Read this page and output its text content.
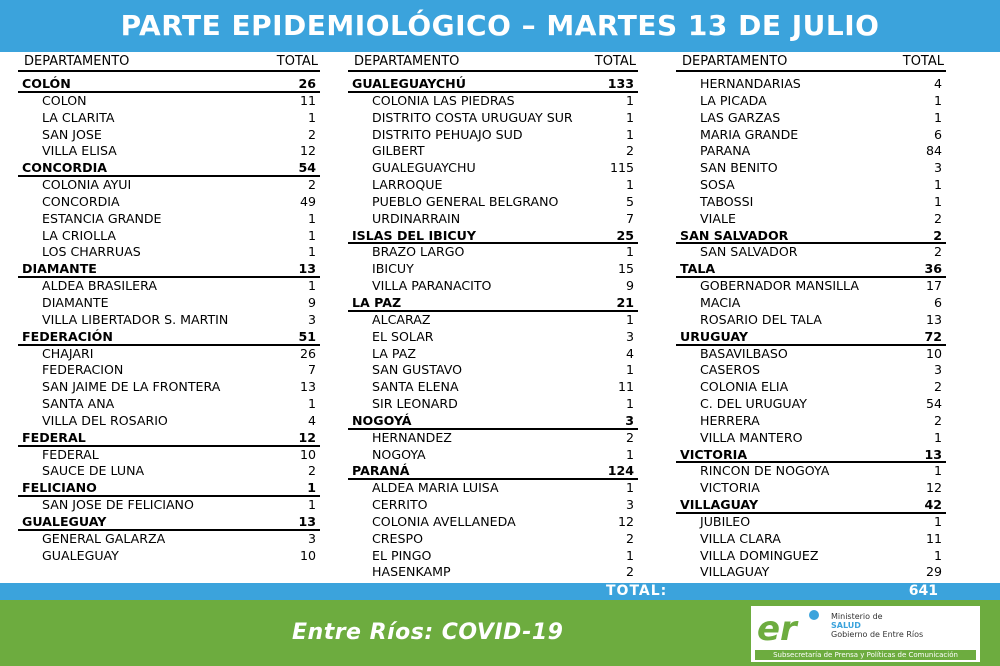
PARTE EPIDEMIOLÓGICO – MARTES 13 DE JULIO
DEPARTAMENTO	TOTAL
COLÓN	26
COLON	11
LA CLARITA	1
SAN JOSE	2
VILLA ELISA	12
CONCORDIA	54
COLONIA AYUI	2
CONCORDIA	49
ESTANCIA GRANDE	1
LA CRIOLLA	1
LOS CHARRUAS	1
DIAMANTE	13
ALDEA BRASILERA	1
DIAMANTE	9
VILLA LIBERTADOR S. MARTIN	3
FEDERACIÓN	51
CHAJARI	26
FEDERACION	7
SAN JAIME DE LA FRONTERA	13
SANTA ANA	1
VILLA DEL ROSARIO	4
FEDERAL	12
FEDERAL	10
SAUCE DE LUNA	2
FELICIANO	1
SAN JOSE DE FELICIANO	1
GUALEGUAY	13
GENERAL GALARZA	3
GUALEGUAY	10
DEPARTAMENTO	TOTAL
GUALEGUAYCHÚ	133
COLONIA LAS PIEDRAS	1
DISTRITO COSTA URUGUAY SUR	1
DISTRITO PEHUAJO SUD	1
GILBERT	2
GUALEGUAYCHU	115
LARROQUE	1
PUEBLO GENERAL BELGRANO	5
URDINARRAIN	7
ISLAS DEL IBICUY	25
BRAZO LARGO	1
IBICUY	15
VILLA PARANACITO	9
LA PAZ	21
ALCARAZ	1
EL SOLAR	3
LA PAZ	4
SAN GUSTAVO	1
SANTA ELENA	11
SIR LEONARD	1
NOGOYÁ	3
HERNANDEZ	2
NOGOYA	1
PARANÁ	124
ALDEA MARIA LUISA	1
CERRITO	3
COLONIA AVELLANEDA	12
CRESPO	2
EL PINGO	1
HASENKAMP	2
DEPARTAMENTO	TOTAL
HERNANDARIAS	4
LA PICADA	1
LAS GARZAS	1
MARIA GRANDE	6
PARANA	84
SAN BENITO	3
SOSA	1
TABOSSI	1
VIALE	2
SAN SALVADOR	2
SAN SALVADOR	2
TALA	36
GOBERNADOR MANSILLA	17
MACIA	6
ROSARIO DEL TALA	13
URUGUAY	72
BASAVILBASO	10
CASEROS	3
COLONIA ELIA	2
C. DEL URUGUAY	54
HERRERA	2
VILLA MANTERO	1
VICTORIA	13
RINCON DE NOGOYA	1
VICTORIA	12
VILLAGUAY	42
JUBILEO	1
VILLA CLARA	11
VILLA DOMINGUEZ	1
VILLAGUAY	29
TOTAL:	641
Entre Ríos: COVID-19	er	Ministerio de
SALUD
Gobierno de Entre Ríos
Subsecretaría de Prensa y Políticas de Comunicación
